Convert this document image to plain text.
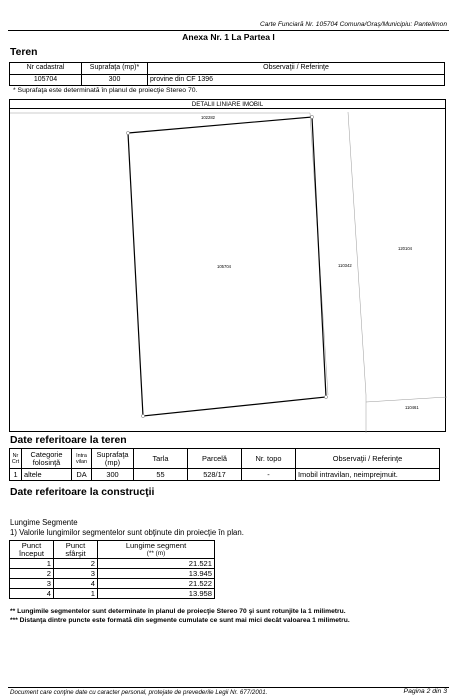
Carte Funciară Nr. 105704 Comuna/Oraş/Municipiu: Pantelimon
Anexa Nr. 1 La Partea I
Teren
Nr cadastral	Suprafaţa (mp)*	Observaţii / Referinţe
105704	300	provine din CF 1396
* Suprafaţa este determinată în planul de proiecţie Stereo 70.
DETALII LINIARE IMOBIL
102282
105704	110342
120104
110461
Date referitoare la teren
Nr Crt	Categorie folosinţă	Intra vilan	Suprafaţa (mp)	Tarla	Parcelă	Nr. topo	Observaţii / Referinţe
1	altele	DA	300	55	528/17	-	Imobil intravilan, neimprejmuit.
Date referitoare la construcţii
Lungime Segmente
1) Valorile lungimilor segmentelor sunt obţinute din proiecţie în plan.
Punct început	Punct sfârşit	Lungime segment
(** (m)

1	2	21.521
2	3	13.945
3	4	21.522
4	1	13.958
** Lungimile segmentelor sunt determinate în planul de proiecţie Stereo 70 şi sunt rotunjite la 1 milimetru.
*** Distanţa dintre puncte este formată din segmente cumulate ce sunt mai mici decât valoarea 1 milimetru.
Document care conţine date cu caracter personal, protejate de prevederile Legii Nr. 677/2001.	Pagina 2 din 3
